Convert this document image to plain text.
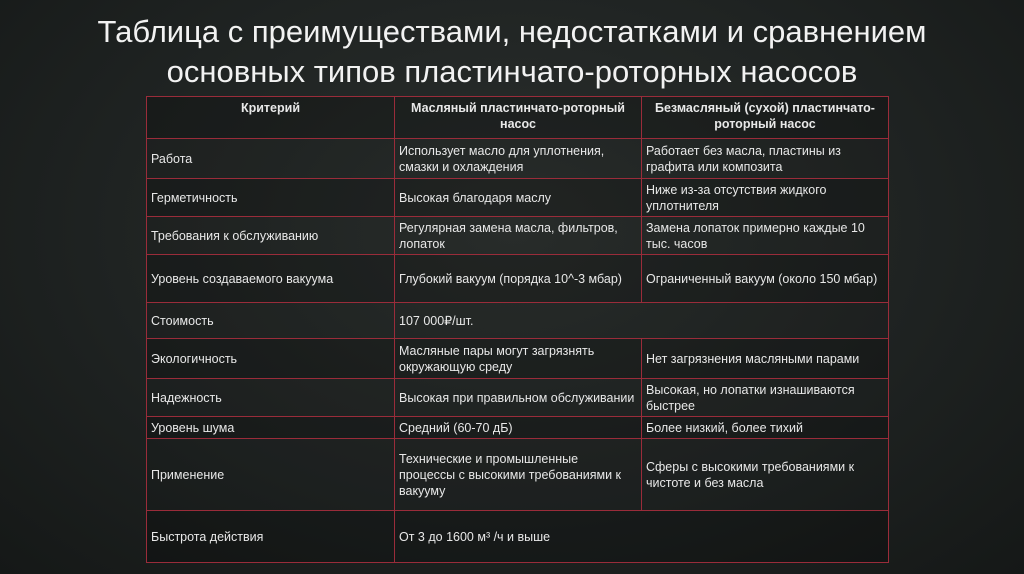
Таблица с преимуществами, недостатками и сравнением
основных типов пластинчато-роторных насосов
Критерий	Масляный пластинчато-роторный насос	Безмасляный (сухой) пластинчато-роторный насос
Работа	Использует масло для уплотнения, смазки и охлаждения	Работает без масла, пластины из графита или композита
Герметичность	Высокая благодаря маслу	Ниже из-за отсутствия жидкого уплотнителя
Требования к обслуживанию	Регулярная замена масла, фильтров, лопаток	Замена лопаток примерно каждые 10 тыс. часов
Уровень создаваемого вакуума	Глубокий вакуум (порядка 10^-3 мбар)	Ограниченный вакуум (около 150 мбар)
Стоимость	107 000₽/шт.	
Экологичность	Масляные пары могут загрязнять окружающую среду	Нет загрязнения масляными парами
Надежность	Высокая при правильном обслуживании	Высокая, но лопатки изнашиваются быстрее
Уровень шума	Средний (60-70 дБ)	Более низкий, более тихий
Применение	Технические и промышленные процессы с высокими требованиями к вакууму	Сферы с высокими требованиями к чистоте и без масла
Быстрота действия	От 3 до 1600 м³ /ч и выше	
